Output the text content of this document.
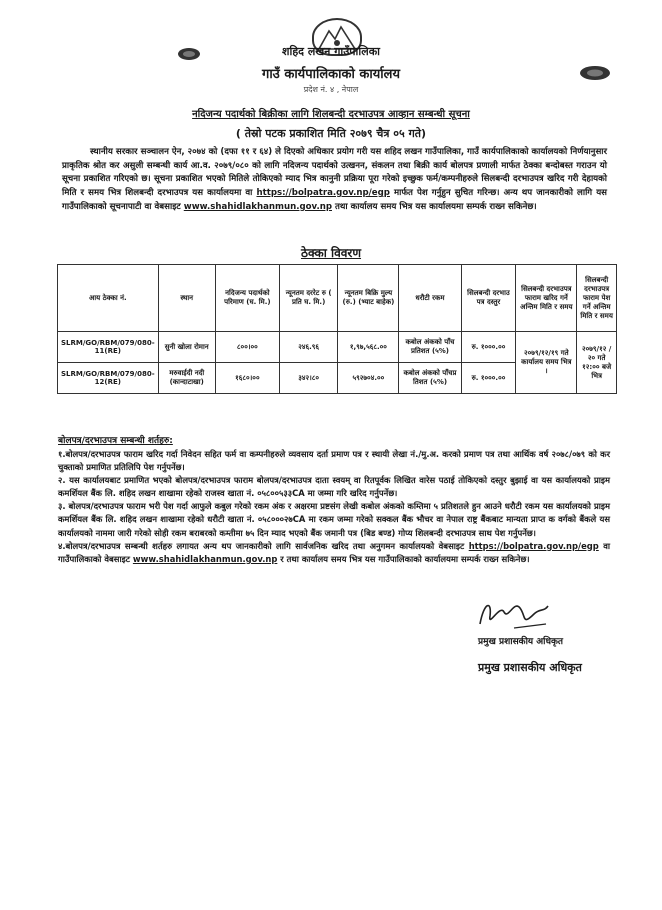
शहिद लखन गाउँपालिका
गाउँ कार्यपालिकाको कार्यालय
प्रदेश नं. ४ , नेपाल
नदिजन्य पदार्थको बिक्रीका लागि शिलबन्दी दरभाउपत्र आव्हान सम्बन्धी सूचना
( तेस्रो पटक प्रकाशित मिति २०७९ चैत्र ०५ गते)
स्थानीय सरकार सञ्चालन ऐन, २०७४ को (दफा ११ र ६४) ले दिएको अधिकार प्रयोग गरी यस शहिद लखन गाउँपालिका, गाउँ कार्यपालिकाको कार्यालयको निर्णयानुसार प्राकृतिक श्रोत कर असुली सम्बन्धी कार्य आ.व. २०७९/०८० को लागि नदिजन्य पदार्थको उत्खनन, संकलन तथा बिक्री कार्य बोलपत्र प्रणाली मार्फत ठेक्का बन्दोबस्त गराउन यो सूचना प्रकाशित गरिएको छ। सूचना प्रकाशित भएको मितिले तोकिएको म्याद भित्र कानुनी प्रक्रिया पूरा गरेको इच्छुक फर्म/कम्पनीहरुले सिलबन्दी दरभाउपत्र खरिद गरी देहायको मिति र समय भित्र शिलबन्दी दरभाउपत्र यस कार्यालयमा वा https://bolpatra.gov.np/egp मार्फत पेश गर्नुहुन सुचित गरिन्छ। अन्य थप जानकारीको लागि यस गाउँपालिकाको सूचनापाटी वा वेबसाइट www.shahidlakhanmun.gov.np तथा कार्यालय समय भित्र यस कार्यालयमा सम्पर्क राख्न सकिनेछ।
ठेक्का विवरण
आय ठेक्का नं.	स्थान	नदिजन्य पदार्थको परिमाण (घ. मि.)	न्यूनतम दररेट रु ( प्रति घ. मि.)	न्यूनतम बिक्रि मुल्य (रु.) (भ्याट बाहेक)	धरौटी रकम	सिलबन्दी दरभाउ पत्र दस्तुर	सिलबन्दी दरभाउपत्र फाराम खरिद गर्ने अन्तिम मिति र समय	सिलबन्दी दरभाउपत्र फाराम पेश गर्ने अन्तिम मिति र समय
SLRM/GO/RBM/079/080-11(RE)	सुनी खोला रोमान	८००।००	२४६.९६	१,९७,५६८.००	कबोल अंकको पाँच प्रतिशत (५%)	रु. १०००.००	२०७९/१२/१९ गते कार्यालय समय भित्र ।	२०७९/१२ /२० गते १२:०० बजे भित्र
SLRM/GO/RBM/079/080-12(RE)	मरुवाईदी नदी (कान्दाटाखा)	१६८०।००	३४२।८०	५९२७०४.००	कबोल अंकको पाँचप्र तिशत (५%)	रु. १०००.००		
बोलपत्र/दरभाउपत्र सम्बन्धी शर्तहरु:

१.बोलपत्र/दरभाउपत्र फाराम खरिद गर्दा निवेदन सहित फर्म वा कम्पनीहरुले व्यवसाय दर्ता प्रमाण पत्र र स्थायी लेखा नं./मु.अ. करको प्रमाण पत्र तथा आर्थिक वर्ष २०७८/०७९ को कर चुक्ताको प्रमाणित प्रतिलिपि पेश गर्नुपर्नेछ।

२. यस कार्यालयबाट प्रमाणित भएको बोलपत्र/दरभाउपत्र फाराम बोलपत्र/दरभाउपत्र दाता स्वयम् वा रितपूर्वक लिखित वारेस पठाई तोकिएको दस्तुर बुझाई वा यस कार्यालयको प्राइम कमर्शियल बैंक लि. शहिद लखन शाखामा रहेको राजस्व खाता नं. ०५८००५३३CA मा जम्मा गरि खरिद गर्नुपर्नेछ।

३. बोलपत्र/दरभाउपत्र फाराम भरी पेश गर्दा आफुले कबुल गरेको रकम अंक र अक्षरमा प्रष्टसंग लेखी कबोल अंकको कम्तिमा ५ प्रतिशतले हुन आउने धरौटी रकम यस कार्यालयको प्राइम कमर्शियल बैंक लि. शहिद लखन शाखामा रहेको धरौटी खाता नं. ०५८०००२७CA मा रकम जम्मा गरेको सक्कल बैंक भौचर वा नेपाल राष्ट्र बैंकबाट मान्यता प्राप्त क वर्गको बैंकले यस कार्यालयको नाममा जारी गरेको सोही रकम बराबरको कम्तीमा ७५ दिन म्याद भएको बैंक जमानी पत्र (बिड बण्ड) गोप्य शिलबन्दी दरभाउपत्र साथ पेश गर्नुपर्नेछ।

४.बोलपत्र/दरभाउपत्र सम्बन्धी शर्तहरु लगायत अन्य थप जानकारीको लागि सार्वजनिक खरिद तथा अनुगमन कार्यालयको वेबसाइट https://bolpatra.gov.np/egp वा गाउँपालिकाको वेबसाइट www.shahidlakhanmun.gov.np र तथा कार्यालय समय भित्र यस गाउँपालिकाको कार्यालयमा सम्पर्क राख्न सकिनेछ।

प्रमुख प्रशासकीय अधिकृत
प्रमुख प्रशासकीय अधिकृत
